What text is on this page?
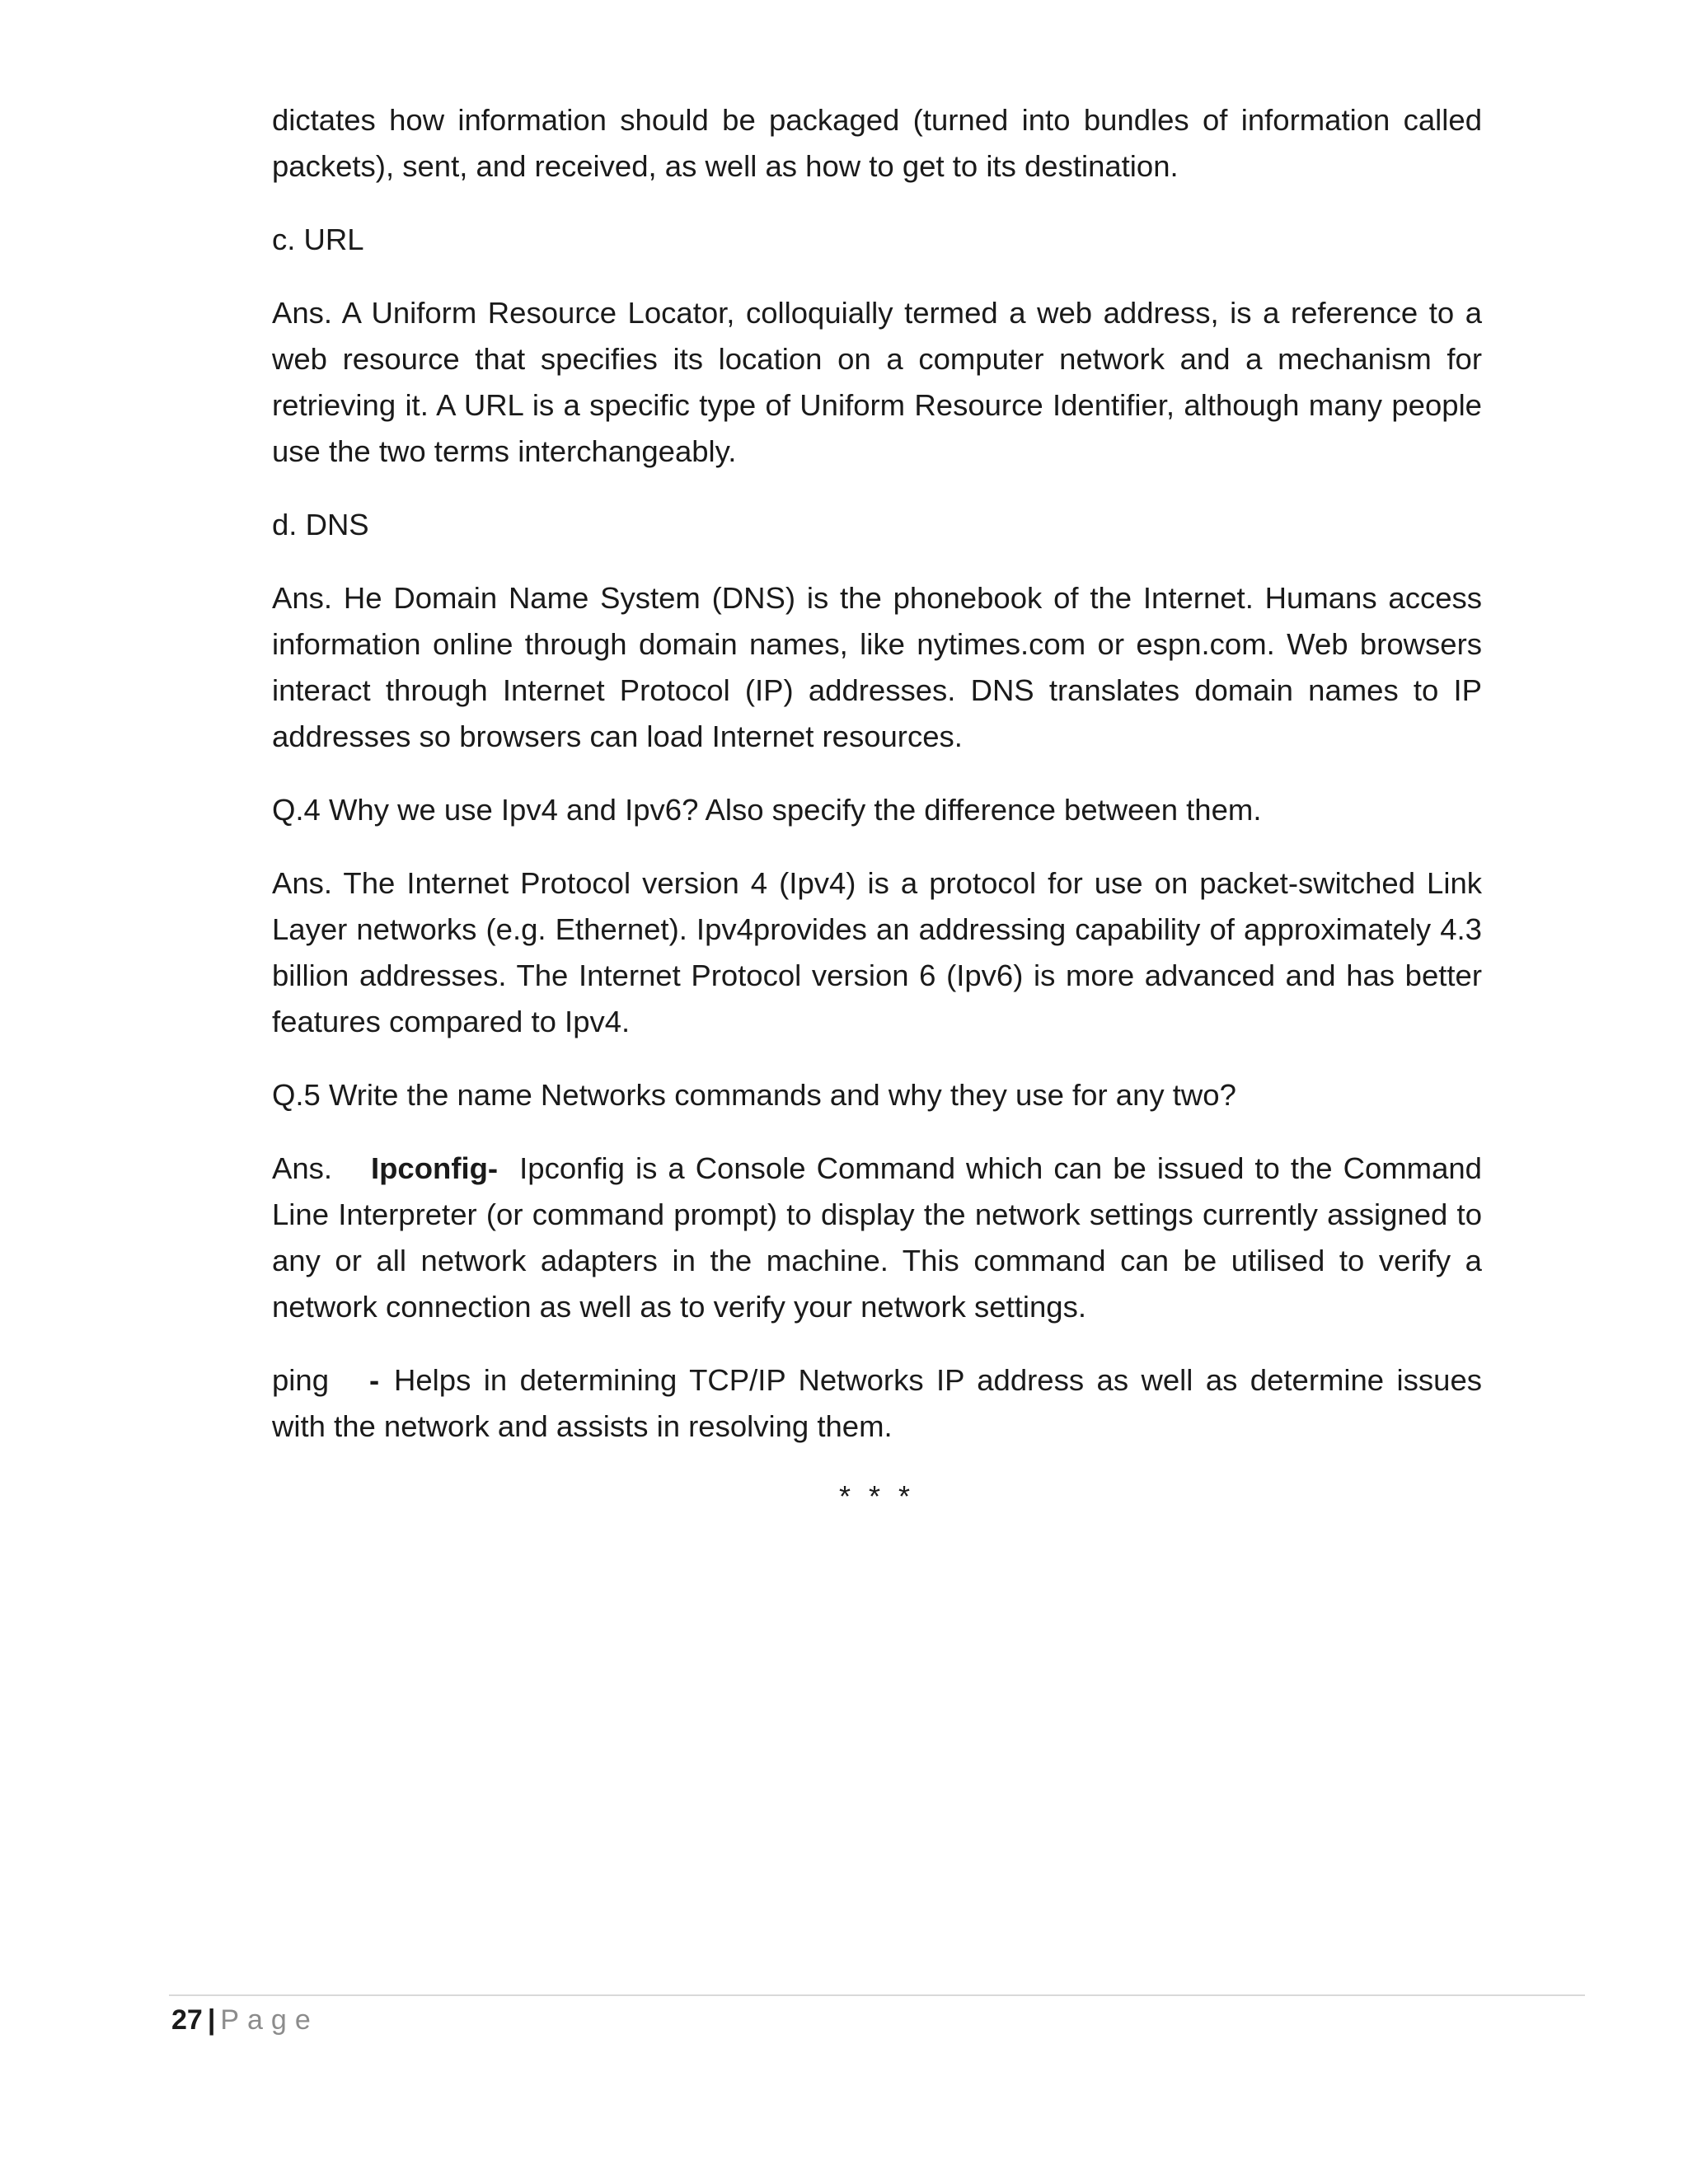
dictates how information should be packaged (turned into bundles of information called packets), sent, and received, as well as how to get to its destination.

c. URL

Ans. A Uniform Resource Locator, colloquially termed a web address, is a reference to a web resource that specifies its location on a computer network and a mechanism for retrieving it. A URL is a specific type of Uniform Resource Identifier, although many people use the two terms interchangeably.

d. DNS

Ans. He Domain Name System (DNS) is the phonebook of the Internet. Humans access information online through domain names, like nytimes.com or espn.com. Web browsers interact through Internet Protocol (IP) addresses. DNS translates domain names to IP addresses so browsers can load Internet resources.

Q.4 Why we use Ipv4 and Ipv6? Also specify the difference between them.

Ans. The Internet Protocol version 4 (Ipv4) is a protocol for use on packet-switched Link Layer networks (e.g. Ethernet). Ipv4provides an addressing capability of approximately 4.3 billion addresses. The Internet Protocol version 6 (Ipv6) is more advanced and has better features compared to Ipv4.

Q.5 Write the name Networks commands and why they use for any two?

Ans. Ipconfig- Ipconfig is a Console Command which can be issued to the Command Line Interpreter (or command prompt) to display the network settings currently assigned to any or all network adapters in the machine. This command can be utilised to verify a network connection as well as to verify your network settings.

ping - Helps in determining TCP/IP Networks IP address as well as determine issues with the network and assists in resolving them.

* * *
27 | Page
